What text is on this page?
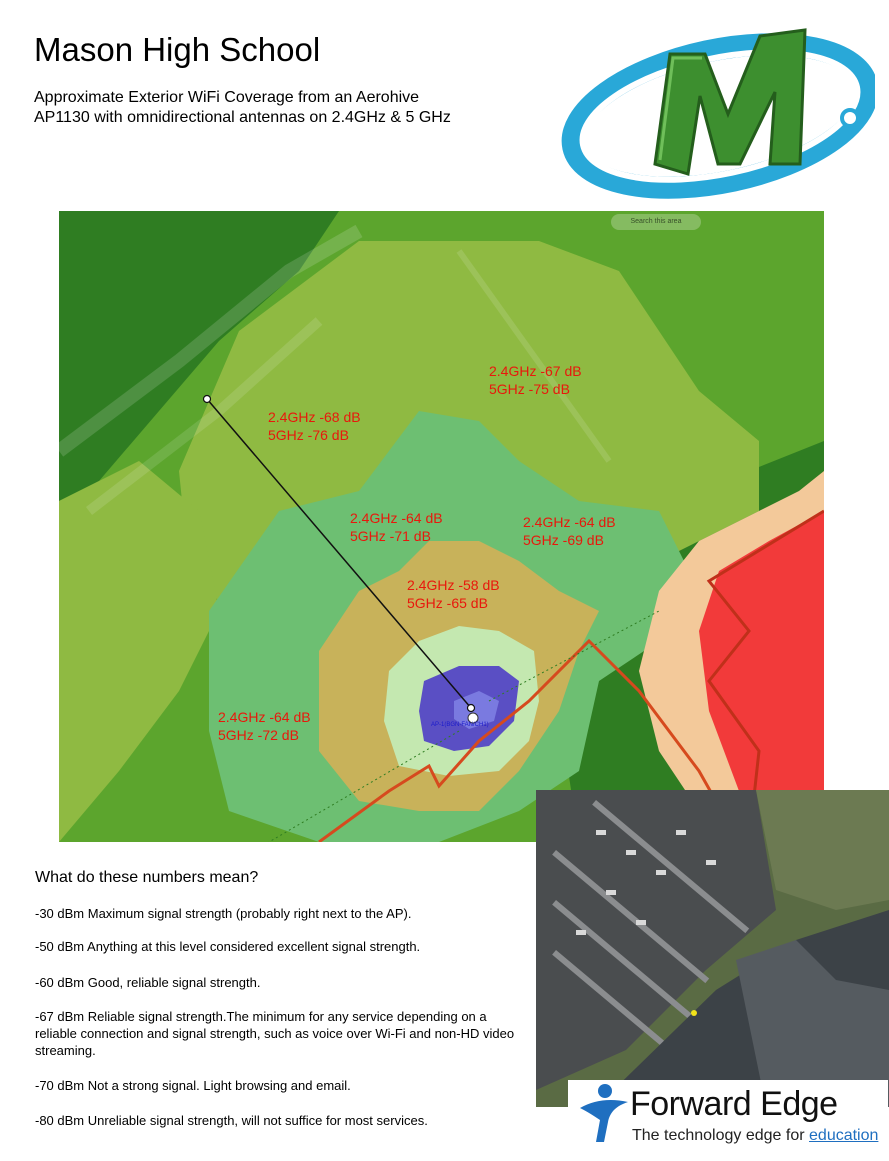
Mason High School
Approximate Exterior WiFi Coverage from an Aerohive
AP1130 with omnidirectional antennas on 2.4GHz & 5 GHz
Search this area
AP-1(BGN-FAN/CH1)
2.4GHz -67 dB
5GHz -75 dB
2.4GHz -68 dB
5GHz -76 dB
2.4GHz -64 dB
5GHz -71 dB
2.4GHz -64 dB
5GHz -69 dB
2.4GHz -58 dB
5GHz -65 dB
2.4GHz -64 dB
5GHz -72 dB
What do these numbers mean?
-30 dBm Maximum signal strength (probably right next to the AP).
-50 dBm Anything at this level considered excellent signal strength.
-60 dBm Good, reliable signal strength.
-67 dBm Reliable signal strength.The minimum for any service depending on a reliable connection and signal strength, such as voice over Wi-Fi and non-HD video streaming.
-70 dBm Not a strong signal. Light browsing and email.
-80 dBm Unreliable signal strength, will not suffice for most services.	Forward Edge
The technology edge for education
